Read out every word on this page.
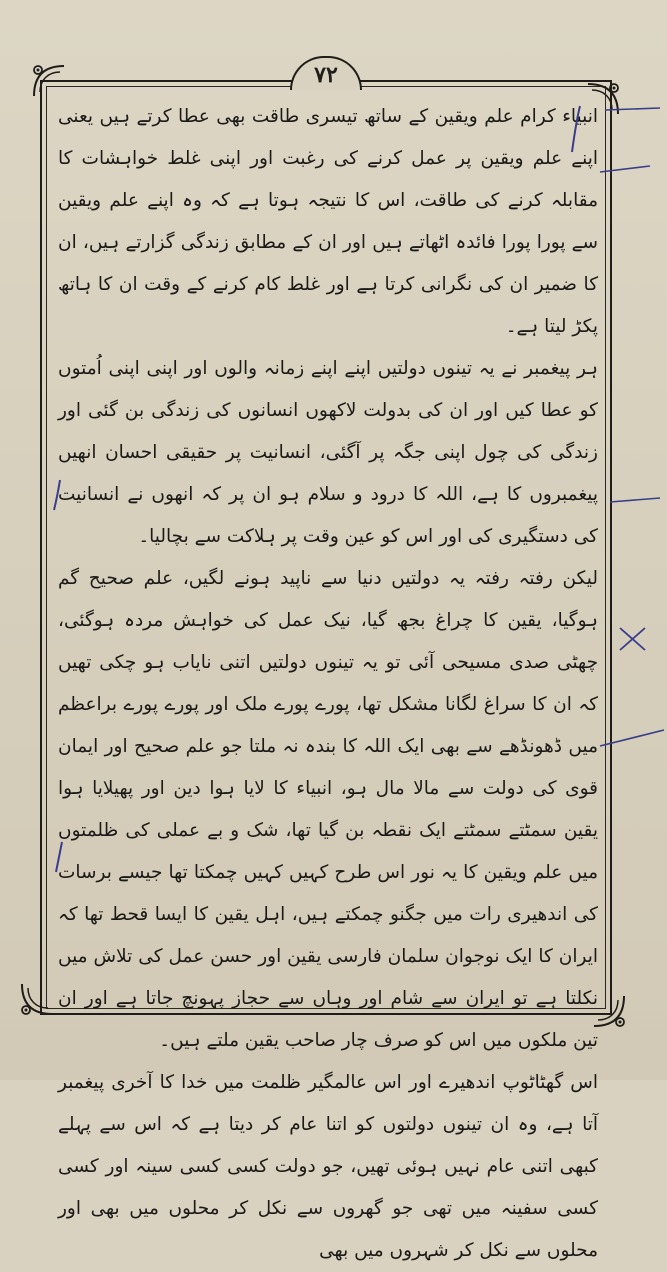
۷۲

انبیاء کرام علم ویقین کے ساتھ تیسری طاقت بھی عطا کرتے ہیں یعنی اپنے علم ویقین پر عمل کرنے کی رغبت اور اپنی غلط خواہشات کا مقابلہ کرنے کی طاقت، اس کا نتیجہ ہوتا ہے کہ وہ اپنے علم ویقین سے پورا پورا فائدہ اٹھاتے ہیں اور ان کے مطابق زندگی گزارتے ہیں، ان کا ضمیر ان کی نگرانی کرتا ہے اور غلط کام کرنے کے وقت ان کا ہاتھ پکڑ لیتا ہے۔

ہر پیغمبر نے یہ تینوں دولتیں اپنے اپنے زمانہ والوں اور اپنی اپنی اُمتوں کو عطا کیں اور ان کی بدولت لاکھوں انسانوں کی زندگی بن گئی اور زندگی کی چول اپنی جگہ پر آگئی، انسانیت پر حقیقی احسان انھیں پیغمبروں کا ہے، اللہ کا درود و سلام ہو ان پر کہ انھوں نے انسانیت کی دستگیری کی اور اس کو عین وقت پر ہلاکت سے بچالیا۔

لیکن رفتہ رفتہ یہ دولتیں دنیا سے ناپید ہونے لگیں، علم صحیح گم ہوگیا، یقین کا چراغ بجھ گیا، نیک عمل کی خواہش مردہ ہوگئی، چھٹی صدی مسیحی آئی تو یہ تینوں دولتیں اتنی نایاب ہو چکی تھیں کہ ان کا سراغ لگانا مشکل تھا، پورے پورے ملک اور پورے پورے براعظم میں ڈھونڈھے سے بھی ایک اللہ کا بندہ نہ ملتا جو علم صحیح اور ایمان قوی کی دولت سے مالا مال ہو، انبیاء کا لایا ہوا دین اور پھیلایا ہوا یقین سمٹتے سمٹتے ایک نقطہ بن گیا تھا، شک و بے عملی کی ظلمتوں میں علم ویقین کا یہ نور اس طرح کہیں کہیں چمکتا تھا جیسے برسات کی اندھیری رات میں جگنو چمکتے ہیں، اہل یقین کا ایسا قحط تھا کہ ایران کا ایک نوجوان سلمان فارسی یقین اور حسن عمل کی تلاش میں نکلتا ہے تو ایران سے شام اور وہاں سے حجاز پہونچ جاتا ہے اور ان تین ملکوں میں اس کو صرف چار صاحب یقین ملتے ہیں۔

اس گھٹاٹوپ اندھیرے اور اس عالمگیر ظلمت میں خدا کا آخری پیغمبر آتا ہے، وہ ان تینوں دولتوں کو اتنا عام کر دیتا ہے کہ اس سے پہلے کبھی اتنی عام نہیں ہوئی تھیں، جو دولت کسی کسی سینہ اور کسی کسی سفینہ میں تھی جو گھروں سے نکل کر محلوں میں بھی اور محلوں سے نکل کر شہروں میں بھی
